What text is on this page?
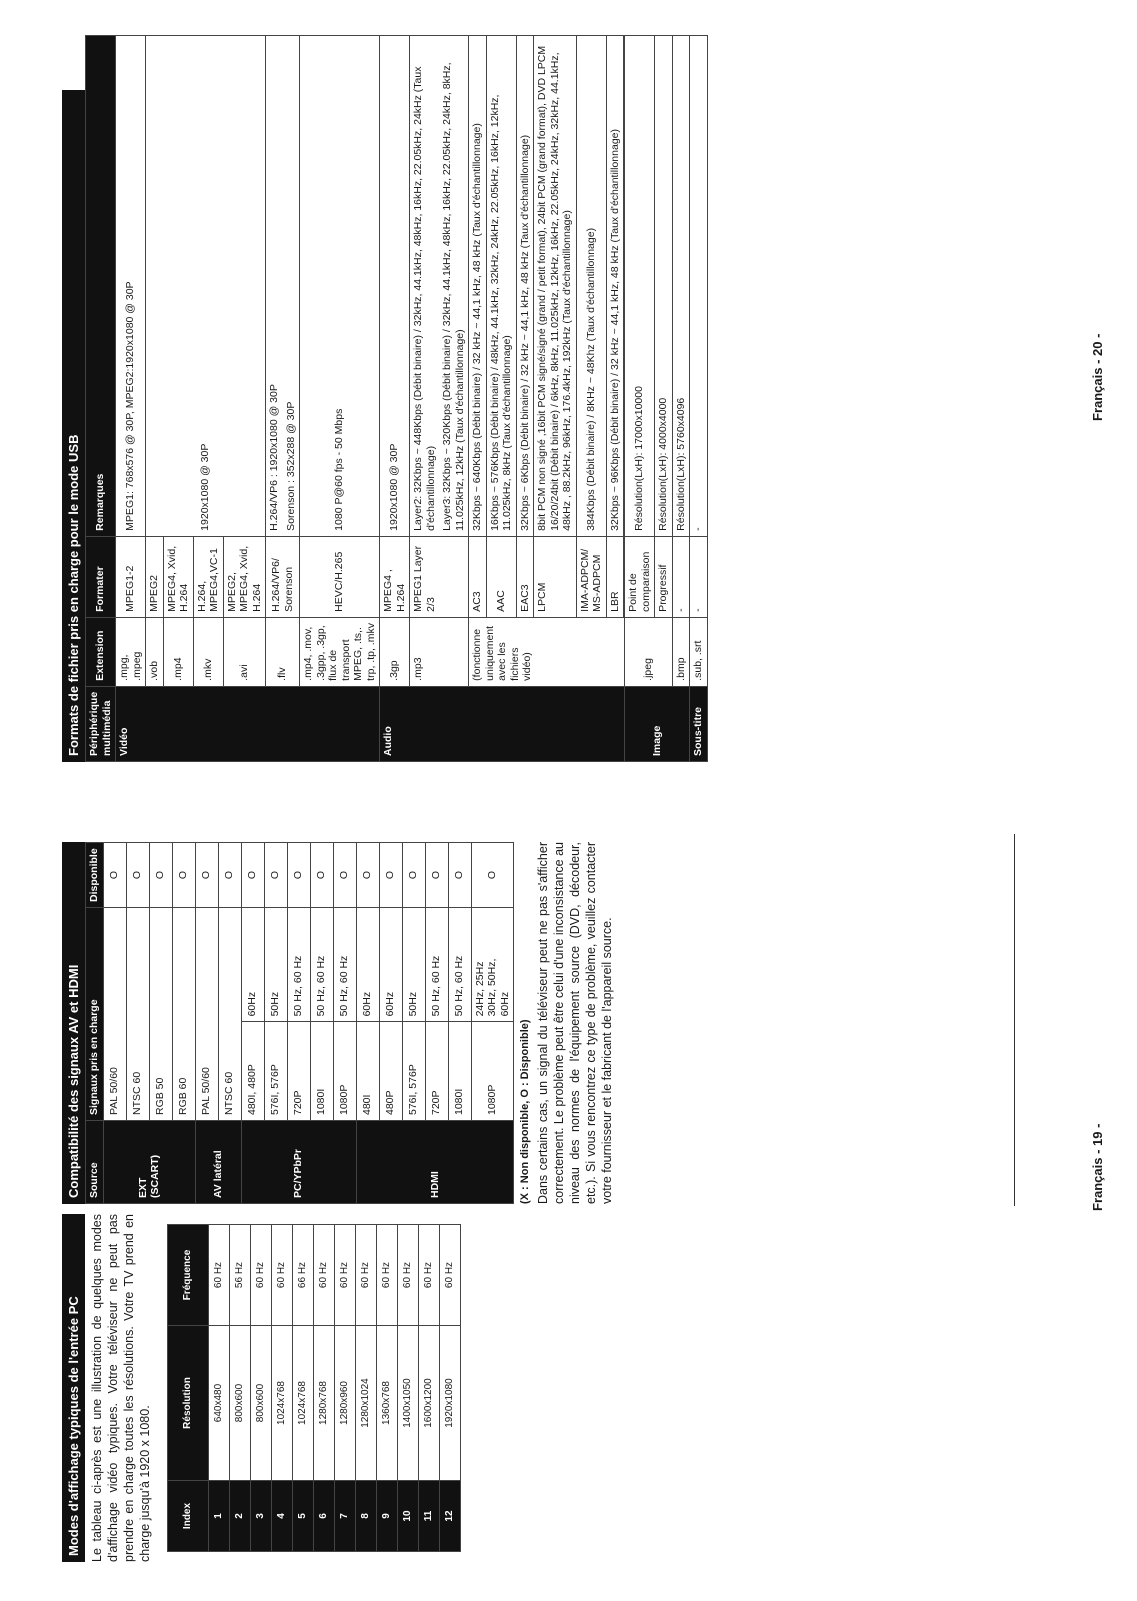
Modes d'affichage typiques de l'entrée PC Le tableau ci-après est une illustration de quelques modes d'affichage vidéo typiques. Votre téléviseur ne peut pas prendre en charge toutes les résolutions. Votre TV prend en charge jusqu'à 1920 x 1080.	Index	Résolution	Fréquence
1	640x480	60 Hz
2	800x600	56 Hz
3	800x600	60 Hz
4	1024x768	60 Hz
5	1024x768	66 Hz
6	1280x768	60 Hz
7	1280x960	60 Hz
8	1280x1024	60 Hz
9	1360x768	60 Hz
10	1400x1050	60 Hz
11	1600x1200	60 Hz
12	1920x1080	60 Hz
Compatibilité des signaux AV et HDMI Source	Signaux pris en charge		Disponible
EXT
(SCART)	PAL 50/60		O
	NTSC 60		O
	RGB 50		O
	RGB 60		O
AV latéral	PAL 50/60		O
	NTSC 60		O
PC/YPbPr	480I, 480P	60Hz	O
	576I, 576P	50Hz	O
	720P	50 Hz, 60 Hz	O
	1080I	50 Hz, 60 Hz	O
	1080P	50 Hz, 60 Hz	O
HDMI	480I	60Hz	O
	480P	60Hz	O
	576I, 576P	50Hz	O
	720P	50 Hz, 60 Hz	O
	1080I	50 Hz, 60 Hz	O
	1080P	24Hz, 25Hz
30Hz, 50Hz,
60Hz	O
(X : Non disponible, O : Disponible) Dans certains cas, un signal du téléviseur peut ne pas s'afficher correctement. Le problème peut être celui d'une inconsistance au niveau des normes de l'équipement source (DVD, décodeur, etc.). Si vous rencontrez ce type de problème, veuillez contacter votre fournisseur et le fabricant de l'appareil source.	Français - 19 -
Formats de fichier pris en charge pour le mode USB Périphérique multimédia	Extension	Formater	Remarques
Vidéo	.mpg, .mpeg	MPEG1-2	MPEG1: 768x576 @ 30P, MPEG2:1920x1080 @ 30P
	.vob	MPEG2	1920x1080 @ 30P
	.mp4	MPEG4, Xvid, H.264	
	.mkv	H.264, MPEG4,VC-1	
	.avi	MPEG2, MPEG4, Xvid, H.264	
	.flv	H.264/VP6/ Sorenson	H.264/VP6 : 1920x1080 @ 30P
			Sorenson : 352x288 @ 30P
	.mp4, .mov, .3gpp, .3gp, flux de transport MPEG, .ts,. trp, .tp, .mkv	HEVC/H.265	1080 P@60 fps - 50 Mbps
Audio	.3gp	MPEG4 , H.264	1920x1080 @ 30P
	.mp3	MPEG1 Layer 2/3	Layer2: 32Kbps ~ 448Kbps (Débit binaire) / 32kHz, 44.1kHz, 48kHz, 16kHz, 22.05kHz, 24kHz (Taux d'échantillonnage)
			Layer3: 32Kbps ~ 320Kbps (Débit binaire) / 32kHz, 44.1kHz, 48kHz, 16kHz, 22.05kHz, 24kHz, 8kHz, 11.025kHz, 12kHz (Taux d'échantillonnage)
	(fonctionne uniquement avec les fichiers vidéo)	AC3	32Kbps ~ 640Kbps (Débit binaire) / 32 kHz ~ 44,1 kHz, 48 kHz (Taux d'échantillonnage)
		AAC	16Kbps ~ 576Kbps (Débit binaire) / 48kHz, 44.1kHz, 32kHz, 24kHz, 22.05kHz, 16kHz, 12kHz, 11.025kHz, 8kHz (Taux d'échantillonnage)
		EAC3	32Kbps ~ 6Kbps (Débit binaire) / 32 kHz ~ 44,1 kHz, 48 kHz (Taux d'échantillonnage)
		LPCM	8bit PCM non signé ,16bit PCM signé/signé (grand / petit format), 24bit PCM (grand format), DVD LPCM 16/20/24bit (Débit binaire) / 6kHz, 8kHz, 11.025kHz, 12kHz, 16kHz, 22.05kHz, 24kHz, 32kHz, 44.1kHz, 48kHz , 88.2kHz, 96kHz, 176.4kHz, 192kHz (Taux d'échantillonnage)
		IMA-ADPCM/ MS-ADPCM	384Kbps (Débit binaire) / 8KHz ~ 48Khz (Taux d'échantillonnage)
		LBR	32Kbps ~ 96Kbps (Débit binaire) / 32 kHz ~ 44,1 kHz, 48 kHz (Taux d'échantillonnage)

Image	.jpeg	Point de comparaison	Résolution(LxH): 17000x10000
		Progressif	Résolution(LxH): 4000x4000
	.bmp	-	Résolution(LxH): 5760x4096
Sous-titre	.sub, .srt	-	-
Français - 20 -
